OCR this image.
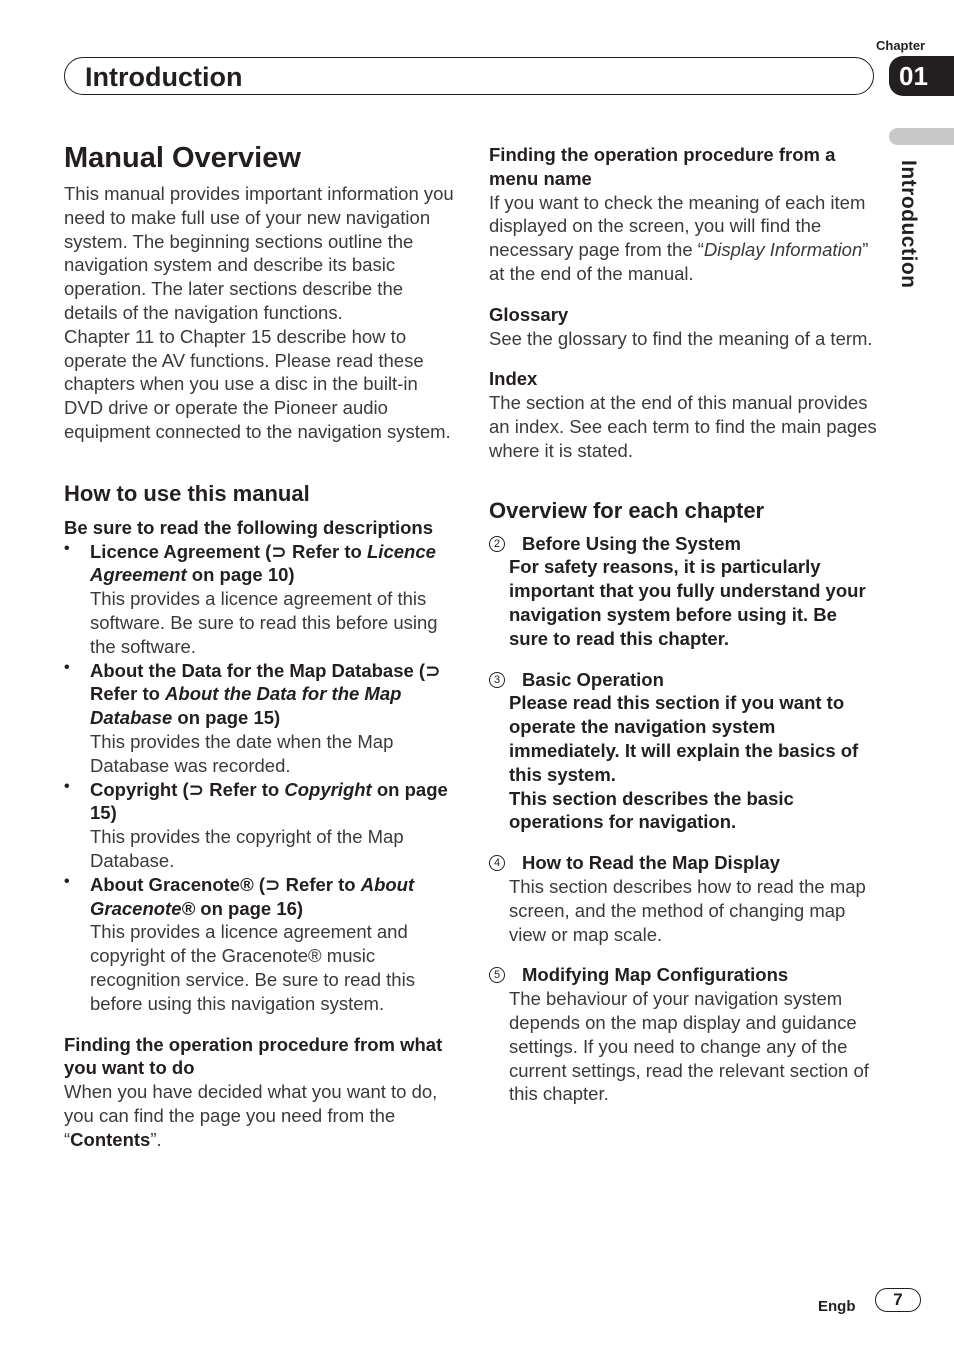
Chapter
Introduction	01
Introduction
Manual Overview

This manual provides important information you need to make full use of your new navigation system. The beginning sections outline the navigation system and describe its basic operation. The later sections describe the details of the navigation functions.

Chapter 11 to Chapter 15 describe how to operate the AV functions. Please read these chapters when you use a disc in the built-in DVD drive or operate the Pioneer audio equipment connected to the navigation system.

How to use this manual
Be sure to read the following descriptions
• Licence Agreement (⊃ Refer to Licence Agreement on page 10)
This provides a licence agreement of this software. Be sure to read this before using the software.
• About the Data for the Map Database (⊃ Refer to About the Data for the Map Database on page 15)
This provides the date when the Map Database was recorded.
• Copyright (⊃ Refer to Copyright on page 15)
This provides the copyright of the Map Database.
• About Gracenote® (⊃ Refer to About Gracenote® on page 16)
This provides a licence agreement and copyright of the Gracenote® music recognition service. Be sure to read this before using this navigation system.
Finding the operation procedure from what you want to do

When you have decided what you want to do, you can find the page you need from the “Contents”.

Finding the operation procedure from a menu name

If you want to check the meaning of each item displayed on the screen, you will find the necessary page from the “Display Information” at the end of the manual.

Glossary

See the glossary to find the meaning of a term.

Index

The section at the end of this manual provides an index. See each term to find the main pages where it is stated.

Overview for each chapter
2	Before Using the System
For safety reasons, it is particularly important that you fully understand your navigation system before using it. Be sure to read this chapter.
3	Basic Operation
Please read this section if you want to operate the navigation system immediately. It will explain the basics of this system.
This section describes the basic operations for navigation.
4	How to Read the Map Display
This section describes how to read the map screen, and the method of changing map view or map scale.
5	Modifying Map Configurations
The behaviour of your navigation system depends on the map display and guidance settings. If you need to change any of the current settings, read the relevant section of this chapter.
Engb	7
